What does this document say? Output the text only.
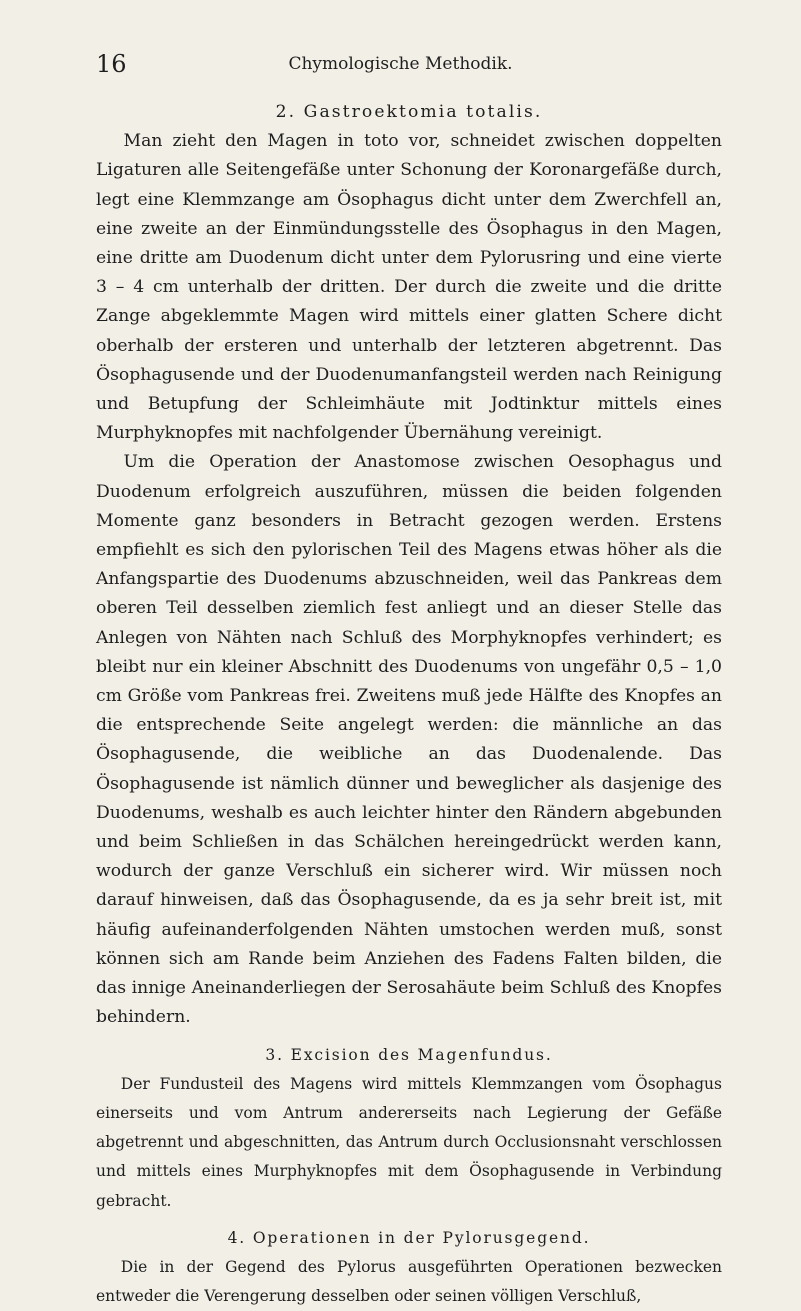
16	Chymologische Methodik.

2. Gastroektomia totalis.

Man zieht den Magen in toto vor, schneidet zwischen doppelten Ligaturen alle Seitengefäße unter Schonung der Koronargefäße durch, legt eine Klemmzange am Ösophagus dicht unter dem Zwerchfell an, eine zweite an der Einmündungsstelle des Ösophagus in den Magen, eine dritte am Duodenum dicht unter dem Pylorusring und eine vierte 3 – 4 cm unterhalb der dritten. Der durch die zweite und die dritte Zange abgeklemmte Magen wird mittels einer glatten Schere dicht oberhalb der ersteren und unterhalb der letzteren abgetrennt. Das Ösophagusende und der Duodenumanfangsteil werden nach Reinigung und Betupfung der Schleimhäute mit Jodtinktur mittels eines Murphyknopfes mit nachfolgender Übernähung vereinigt.

Um die Operation der Anastomose zwischen Oesophagus und Duodenum erfolgreich auszuführen, müssen die beiden folgenden Momente ganz besonders in Betracht gezogen werden. Erstens empfiehlt es sich den pylorischen Teil des Magens etwas höher als die Anfangspartie des Duodenums abzuschneiden, weil das Pankreas dem oberen Teil desselben ziemlich fest anliegt und an dieser Stelle das Anlegen von Nähten nach Schluß des Morphyknopfes verhindert; es bleibt nur ein kleiner Abschnitt des Duodenums von ungefähr 0,5 – 1,0 cm Größe vom Pankreas frei. Zweitens muß jede Hälfte des Knopfes an die entsprechende Seite angelegt werden: die männliche an das Ösophagusende, die weibliche an das Duodenalende. Das Ösophagusende ist nämlich dünner und beweglicher als dasjenige des Duodenums, weshalb es auch leichter hinter den Rändern abgebunden und beim Schließen in das Schälchen hereingedrückt werden kann, wodurch der ganze Verschluß ein sicherer wird. Wir müssen noch darauf hinweisen, daß das Ösophagusende, da es ja sehr breit ist, mit häufig aufeinanderfolgenden Nähten umstochen werden muß, sonst können sich am Rande beim Anziehen des Fadens Falten bilden, die das innige Aneinanderliegen der Serosahäute beim Schluß des Knopfes behindern.

3. Excision des Magenfundus.

Der Fundusteil des Magens wird mittels Klemmzangen vom Ösophagus einerseits und vom Antrum andererseits nach Legierung der Gefäße abgetrennt und abgeschnitten, das Antrum durch Occlusionsnaht verschlossen und mittels eines Murphyknopfes mit dem Ösophagusende in Verbindung gebracht.

4. Operationen in der Pylorusgegend.

Die in der Gegend des Pylorus ausgeführten Operationen bezwecken entweder die Verengerung desselben oder seinen völligen Verschluß,
